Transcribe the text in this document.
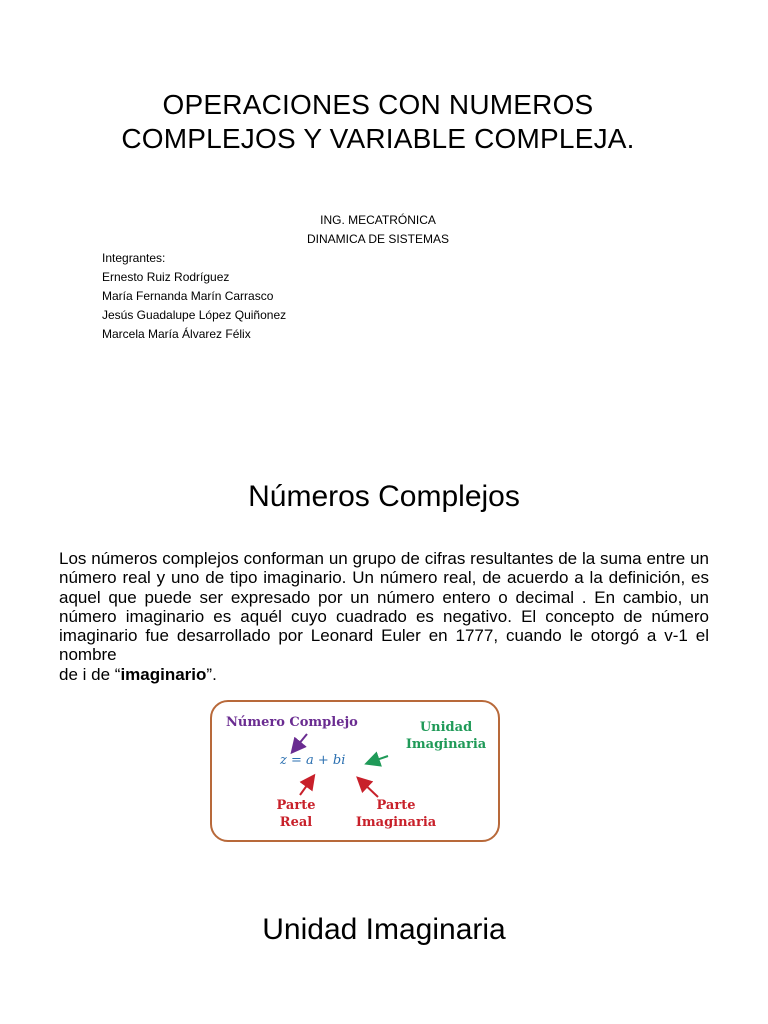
OPERACIONES CON NUMEROS COMPLEJOS Y VARIABLE COMPLEJA.
ING. MECATRÓNICA
DINAMICA DE SISTEMAS
Integrantes:
Ernesto Ruiz Rodríguez
María Fernanda Marín Carrasco
Jesús Guadalupe López Quiñonez
Marcela María Álvarez Félix
Números Complejos
Los números complejos conforman un grupo de cifras resultantes de la suma entre un número real y uno de tipo imaginario. Un número real, de acuerdo a la definición, es aquel que puede ser expresado por un número entero o decimal . En cambio, un número imaginario es aquél cuyo cuadrado es negativo. El concepto de número imaginario fue desarrollado por Leonard Euler en 1777, cuando le otorgó a v-1 el nombre
de i de “imaginario”.
Número Complejo	Unidad
Imaginaria
z = a + bi
Parte
Real
Parte
Imaginaria
Unidad Imaginaria
